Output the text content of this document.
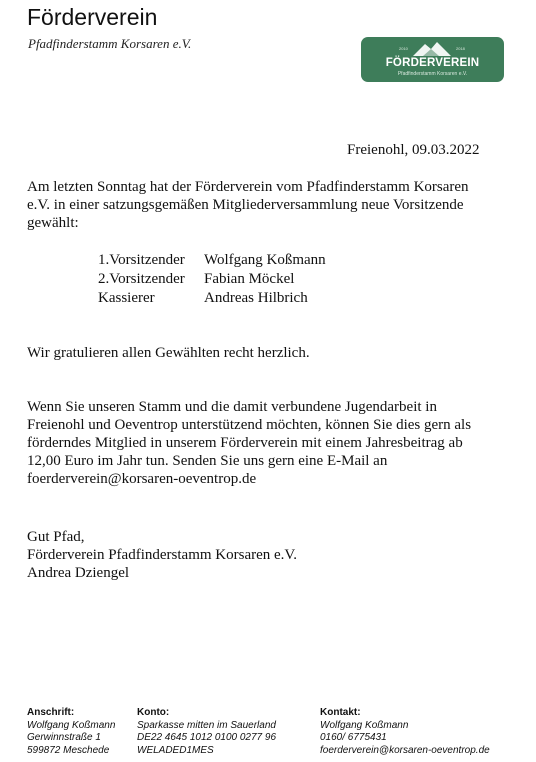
Förderverein
Pfadfinderstamm Korsaren e.V.	2010	2018
FÖRDERVEREIN
Pfadfinderstamm Korsaren e.V.
Freienohl, 09.03.2022
Am letzten Sonntag hat der Förderverein vom Pfadfinderstamm Korsaren
e.V. in einer satzungsgemäßen Mitgliederversammlung neue Vorsitzende
gewählt:
1.Vorsitzender	Wolfgang Koßmann
2.Vorsitzender	Fabian Möckel
Kassierer	Andreas Hilbrich
Wir gratulieren allen Gewählten recht herzlich.
Wenn Sie unseren Stamm und die damit verbundene Jugendarbeit in
Freienohl und Oeventrop unterstützend möchten, können Sie dies gern als
förderndes Mitglied in unserem Förderverein mit einem Jahresbeitrag ab
12,00 Euro im Jahr tun. Senden Sie uns gern eine E-Mail an
foerderverein@korsaren-oeventrop.de
Gut Pfad,
Förderverein Pfadfinderstamm Korsaren e.V.
Andrea Dziengel
Anschrift:
Wolfgang Koßmann
Gerwinnstraße 1
599872 Meschede
Konto:
Sparkasse mitten im Sauerland
DE22 4645 1012 0100 0277 96
WELADED1MES
Kontakt:
Wolfgang Koßmann
0160/ 6775431
foerderverein@korsaren-oeventrop.de
